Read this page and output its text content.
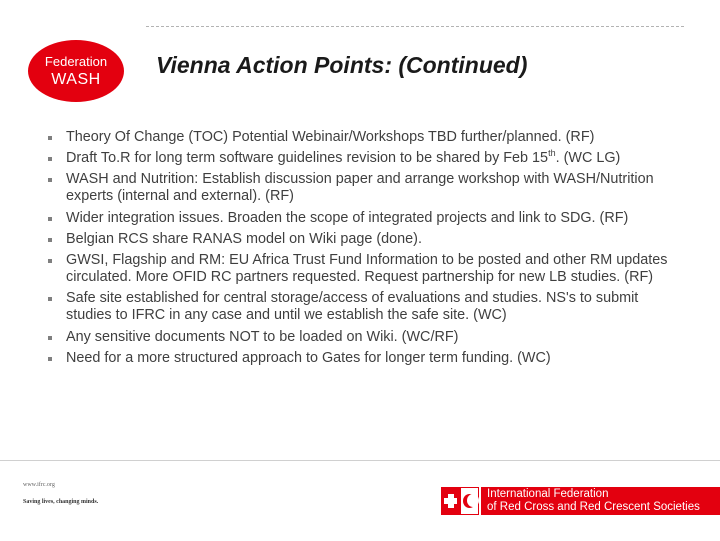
Federation
WASH
Vienna Action Points: (Continued)
Theory Of Change (TOC) Potential Webinair/Workshops TBD further/planned. (RF)
Draft To.R for long term software guidelines revision to be shared by Feb 15th. (WC LG)
WASH and Nutrition: Establish discussion paper and arrange workshop with WASH/Nutrition experts (internal and external). (RF)
Wider integration issues. Broaden the scope of integrated projects and link to SDG. (RF)
Belgian RCS share RANAS model on Wiki page (done).
GWSI, Flagship and RM: EU Africa Trust Fund Information to be posted and other RM updates circulated. More OFID RC partners requested. Request partnership for new LB studies. (RF)
Safe site established for central storage/access of evaluations and studies. NS's to submit studies to IFRC in any case and until we establish the safe site. (WC)
Any sensitive documents NOT to be loaded on Wiki. (WC/RF)
Need for a more structured approach to Gates for longer term funding. (WC)
www.ifrc.org
Saving lives, changing minds.
International Federation
of Red Cross and Red Crescent Societies
